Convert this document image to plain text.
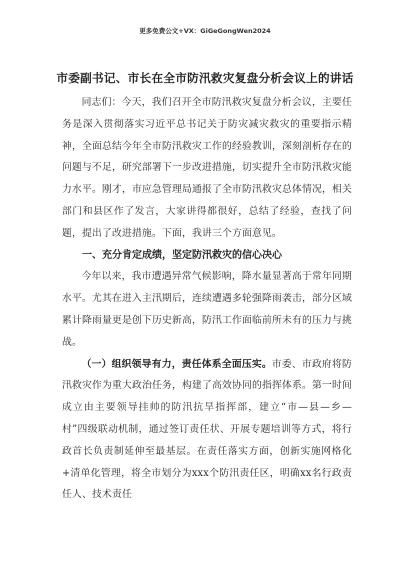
更多免费公文+VX：GiGeGongWen2024
市委副书记、市长在全市防汛救灾复盘分析会议上的讲话

同志们：今天，我们召开全市防汛救灾复盘分析会议，主要任务是深入贯彻落实习近平总书记关于防灾减灾救灾的重要指示精神，全面总结今年全市防汛救灾工作的经验教训，深刻剖析存在的问题与不足，研究部署下一步改进措施，切实提升全市防汛救灾能力水平。刚才，市应急管理局通报了全市防汛救灾总体情况，相关部门和县区作了发言，大家讲得都很好，总结了经验，查找了问题，提出了改进措施。下面，我讲三个方面意见。

一、充分肯定成绩，坚定防汛救灾的信心决心

今年以来，我市遭遇异常气候影响，降水量显著高于常年同期水平。尤其在进入主汛期后，连续遭遇多轮强降雨袭击，部分区域累计降雨量更是创下历史新高，防汛工作面临前所未有的压力与挑战。

（一）组织领导有力，责任体系全面压实。市委、市政府将防汛救灾作为重大政治任务，构建了高效协同的指挥体系。第一时间成立由主要领导挂帅的防汛抗旱指挥部，建立“市—县—乡—村”四级联动机制，通过签订责任状、开展专题培训等方式，将行政首长负责制延伸至最基层。在责任落实方面，创新实施网格化+清单化管理，将全市划分为xxx个防汛责任区，明确xx名行政责任人、技术责任
